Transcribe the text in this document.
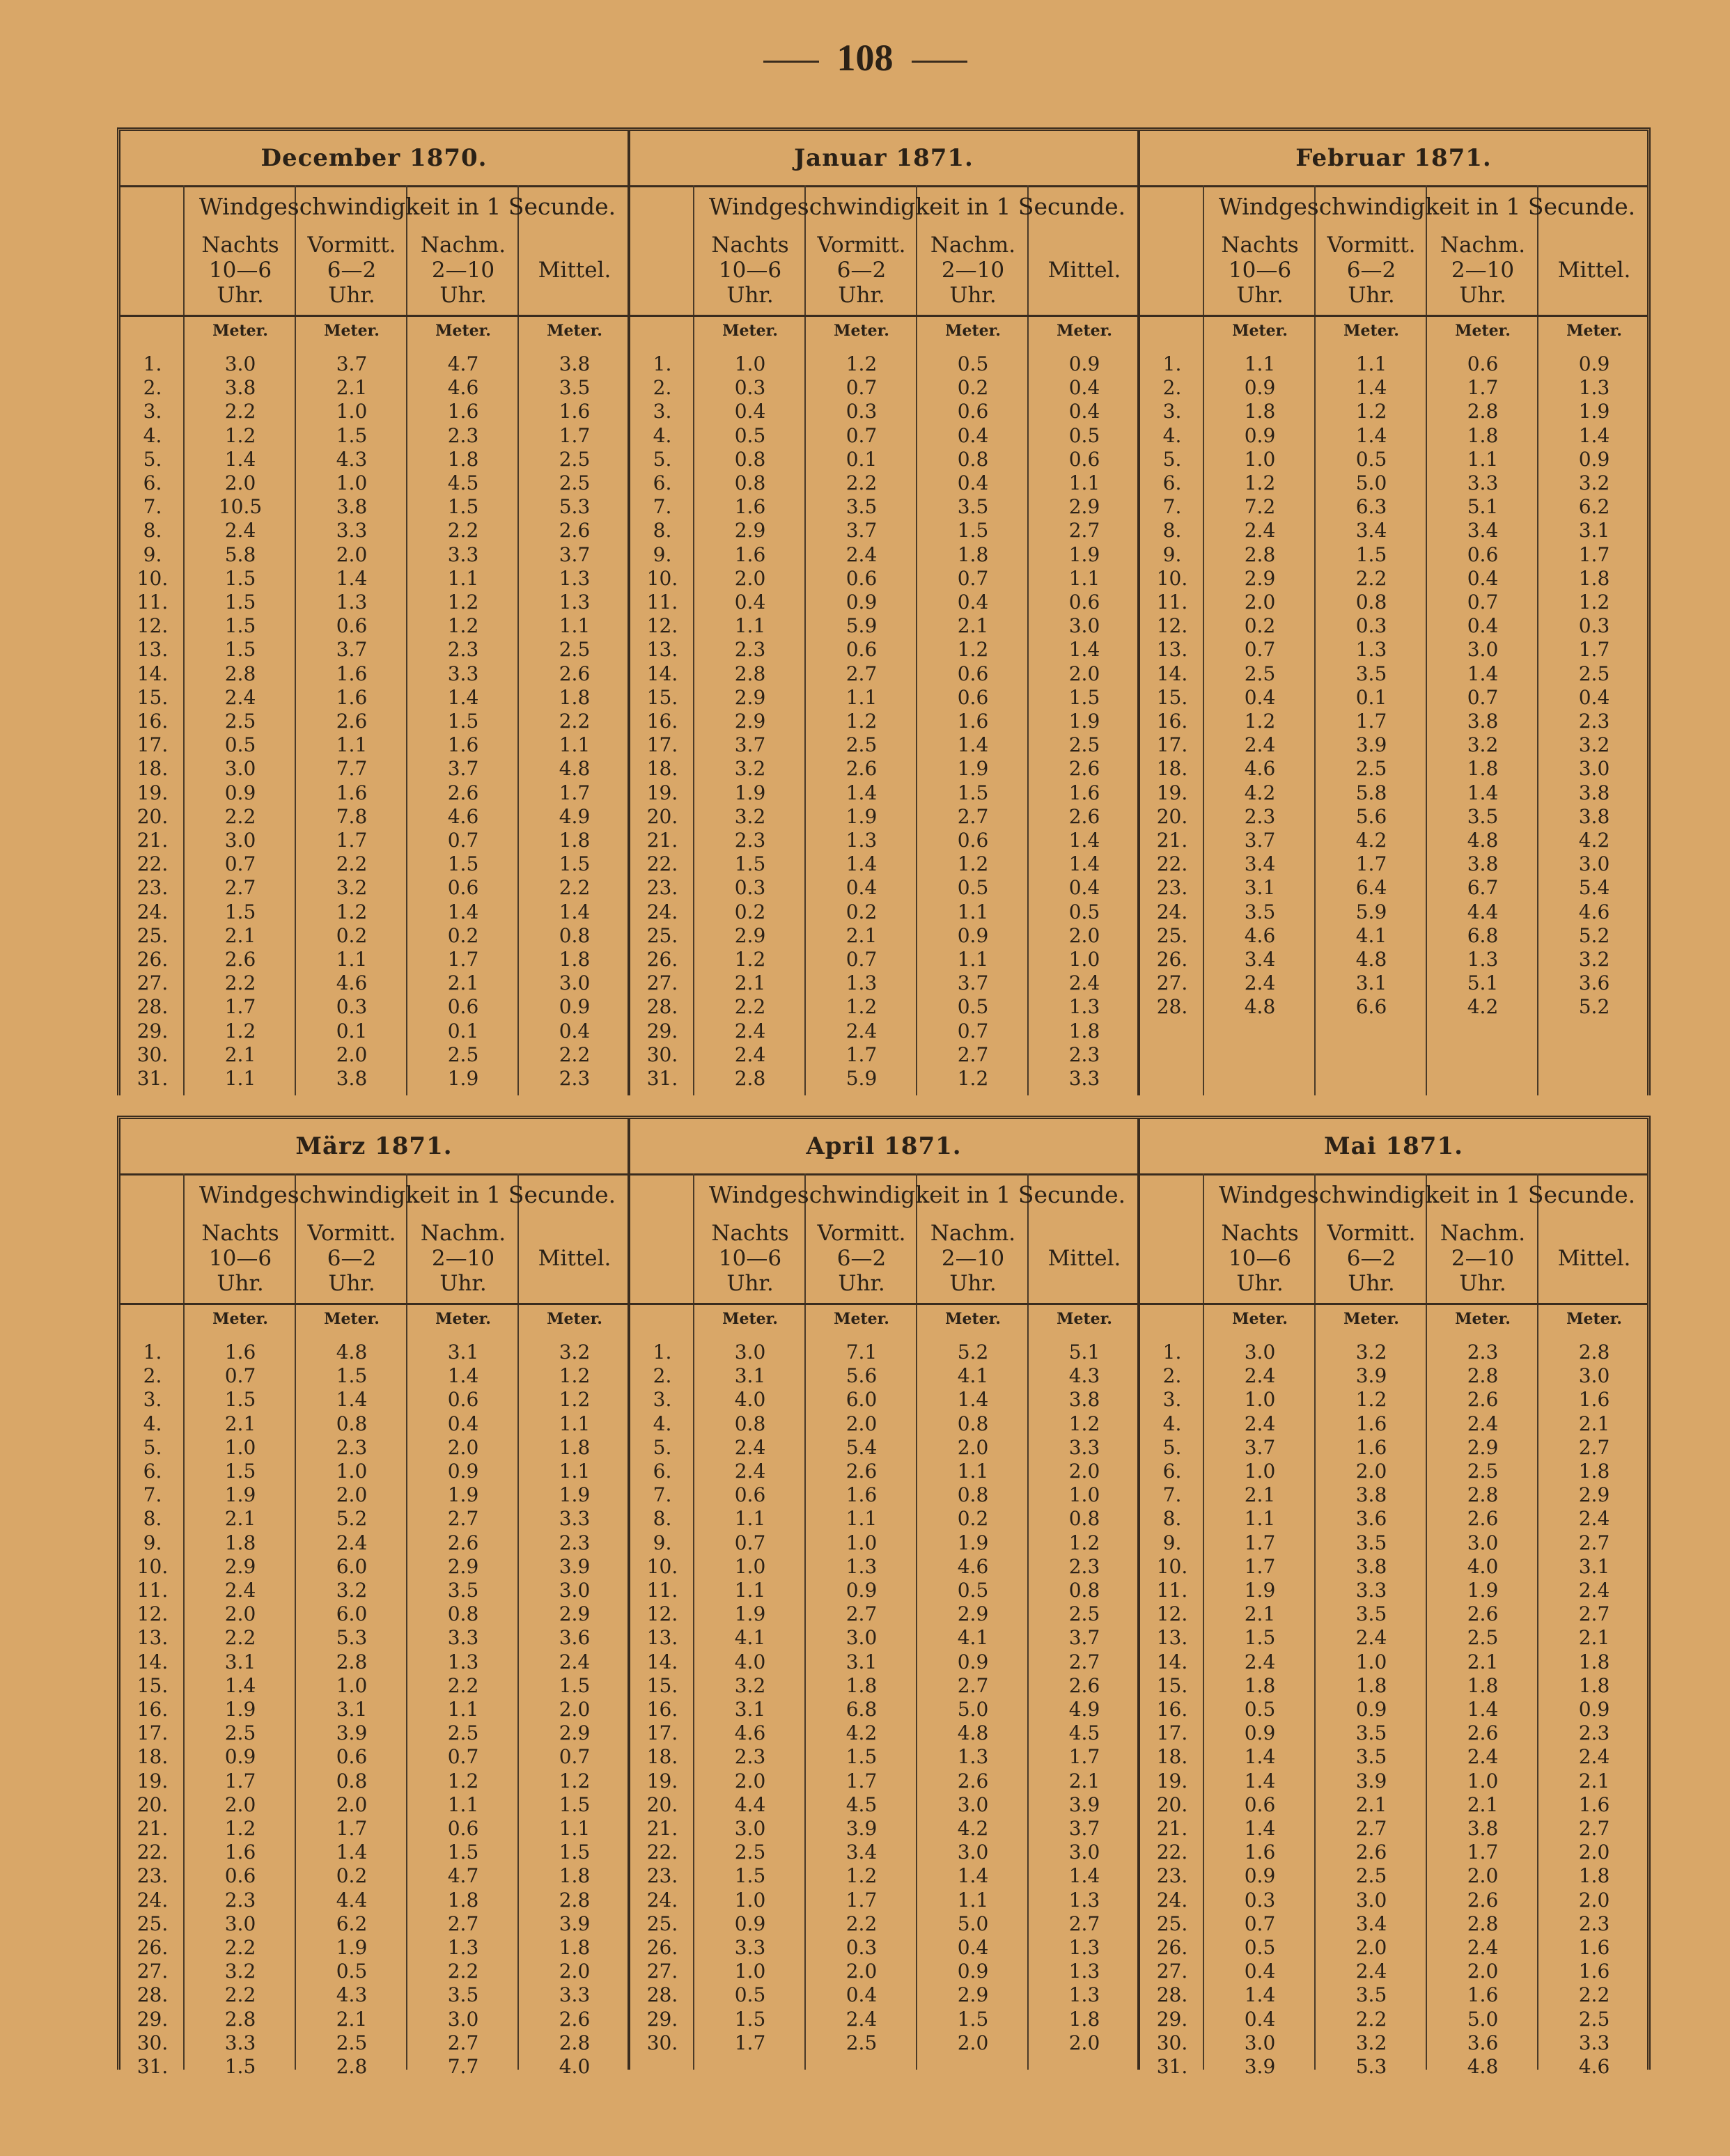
108
December 1870.
Windgeschwindigkeit in 1 Secunde.
Nachts
10—6
Uhr.
Meter.
Vormitt.
6—2
Uhr.
Meter.
Nachm.
2—10
Uhr.
Meter.
Mittel.
Meter.
1.	3.0	3.7	4.7	3.8
2.	3.8	2.1	4.6	3.5
3.	2.2	1.0	1.6	1.6
4.	1.2	1.5	2.3	1.7
5.	1.4	4.3	1.8	2.5
6.	2.0	1.0	4.5	2.5
7.	10.5	3.8	1.5	5.3
8.	2.4	3.3	2.2	2.6
9.	5.8	2.0	3.3	3.7
10.	1.5	1.4	1.1	1.3
11.	1.5	1.3	1.2	1.3
12.	1.5	0.6	1.2	1.1
13.	1.5	3.7	2.3	2.5
14.	2.8	1.6	3.3	2.6
15.	2.4	1.6	1.4	1.8
16.	2.5	2.6	1.5	2.2
17.	0.5	1.1	1.6	1.1
18.	3.0	7.7	3.7	4.8
19.	0.9	1.6	2.6	1.7
20.	2.2	7.8	4.6	4.9
21.	3.0	1.7	0.7	1.8
22.	0.7	2.2	1.5	1.5
23.	2.7	3.2	0.6	2.2
24.	1.5	1.2	1.4	1.4
25.	2.1	0.2	0.2	0.8
26.	2.6	1.1	1.7	1.8
27.	2.2	4.6	2.1	3.0
28.	1.7	0.3	0.6	0.9
29.	1.2	0.1	0.1	0.4
30.	2.1	2.0	2.5	2.2
31.	1.1	3.8	1.9	2.3
Januar 1871.
Windgeschwindigkeit in 1 Secunde.
Nachts
10—6
Uhr.
Meter.
Vormitt.
6—2
Uhr.
Meter.
Nachm.
2—10
Uhr.
Meter.
Mittel.
Meter.
1.	1.0	1.2	0.5	0.9
2.	0.3	0.7	0.2	0.4
3.	0.4	0.3	0.6	0.4
4.	0.5	0.7	0.4	0.5
5.	0.8	0.1	0.8	0.6
6.	0.8	2.2	0.4	1.1
7.	1.6	3.5	3.5	2.9
8.	2.9	3.7	1.5	2.7
9.	1.6	2.4	1.8	1.9
10.	2.0	0.6	0.7	1.1
11.	0.4	0.9	0.4	0.6
12.	1.1	5.9	2.1	3.0
13.	2.3	0.6	1.2	1.4
14.	2.8	2.7	0.6	2.0
15.	2.9	1.1	0.6	1.5
16.	2.9	1.2	1.6	1.9
17.	3.7	2.5	1.4	2.5
18.	3.2	2.6	1.9	2.6
19.	1.9	1.4	1.5	1.6
20.	3.2	1.9	2.7	2.6
21.	2.3	1.3	0.6	1.4
22.	1.5	1.4	1.2	1.4
23.	0.3	0.4	0.5	0.4
24.	0.2	0.2	1.1	0.5
25.	2.9	2.1	0.9	2.0
26.	1.2	0.7	1.1	1.0
27.	2.1	1.3	3.7	2.4
28.	2.2	1.2	0.5	1.3
29.	2.4	2.4	0.7	1.8
30.	2.4	1.7	2.7	2.3
31.	2.8	5.9	1.2	3.3
Februar 1871.
Windgeschwindigkeit in 1 Secunde.
Nachts
10—6
Uhr.
Meter.
Vormitt.
6—2
Uhr.
Meter.
Nachm.
2—10
Uhr.
Meter.
Mittel.
Meter.
1.	1.1	1.1	0.6	0.9
2.	0.9	1.4	1.7	1.3
3.	1.8	1.2	2.8	1.9
4.	0.9	1.4	1.8	1.4
5.	1.0	0.5	1.1	0.9
6.	1.2	5.0	3.3	3.2
7.	7.2	6.3	5.1	6.2
8.	2.4	3.4	3.4	3.1
9.	2.8	1.5	0.6	1.7
10.	2.9	2.2	0.4	1.8
11.	2.0	0.8	0.7	1.2
12.	0.2	0.3	0.4	0.3
13.	0.7	1.3	3.0	1.7
14.	2.5	3.5	1.4	2.5
15.	0.4	0.1	0.7	0.4
16.	1.2	1.7	3.8	2.3
17.	2.4	3.9	3.2	3.2
18.	4.6	2.5	1.8	3.0
19.	4.2	5.8	1.4	3.8
20.	2.3	5.6	3.5	3.8
21.	3.7	4.2	4.8	4.2
22.	3.4	1.7	3.8	3.0
23.	3.1	6.4	6.7	5.4
24.	3.5	5.9	4.4	4.6
25.	4.6	4.1	6.8	5.2
26.	3.4	4.8	1.3	3.2
27.	2.4	3.1	5.1	3.6
28.	4.8	6.6	4.2	5.2
März 1871.
Windgeschwindigkeit in 1 Secunde.
Nachts
10—6
Uhr.
Meter.
Vormitt.
6—2
Uhr.
Meter.
Nachm.
2—10
Uhr.
Meter.
Mittel.
Meter.
1.	1.6	4.8	3.1	3.2
2.	0.7	1.5	1.4	1.2
3.	1.5	1.4	0.6	1.2
4.	2.1	0.8	0.4	1.1
5.	1.0	2.3	2.0	1.8
6.	1.5	1.0	0.9	1.1
7.	1.9	2.0	1.9	1.9
8.	2.1	5.2	2.7	3.3
9.	1.8	2.4	2.6	2.3
10.	2.9	6.0	2.9	3.9
11.	2.4	3.2	3.5	3.0
12.	2.0	6.0	0.8	2.9
13.	2.2	5.3	3.3	3.6
14.	3.1	2.8	1.3	2.4
15.	1.4	1.0	2.2	1.5
16.	1.9	3.1	1.1	2.0
17.	2.5	3.9	2.5	2.9
18.	0.9	0.6	0.7	0.7
19.	1.7	0.8	1.2	1.2
20.	2.0	2.0	1.1	1.5
21.	1.2	1.7	0.6	1.1
22.	1.6	1.4	1.5	1.5
23.	0.6	0.2	4.7	1.8
24.	2.3	4.4	1.8	2.8
25.	3.0	6.2	2.7	3.9
26.	2.2	1.9	1.3	1.8
27.	3.2	0.5	2.2	2.0
28.	2.2	4.3	3.5	3.3
29.	2.8	2.1	3.0	2.6
30.	3.3	2.5	2.7	2.8
31.	1.5	2.8	7.7	4.0
April 1871.
Windgeschwindigkeit in 1 Secunde.
Nachts
10—6
Uhr.
Meter.
Vormitt.
6—2
Uhr.
Meter.
Nachm.
2—10
Uhr.
Meter.
Mittel.
Meter.
1.	3.0	7.1	5.2	5.1
2.	3.1	5.6	4.1	4.3
3.	4.0	6.0	1.4	3.8
4.	0.8	2.0	0.8	1.2
5.	2.4	5.4	2.0	3.3
6.	2.4	2.6	1.1	2.0
7.	0.6	1.6	0.8	1.0
8.	1.1	1.1	0.2	0.8
9.	0.7	1.0	1.9	1.2
10.	1.0	1.3	4.6	2.3
11.	1.1	0.9	0.5	0.8
12.	1.9	2.7	2.9	2.5
13.	4.1	3.0	4.1	3.7
14.	4.0	3.1	0.9	2.7
15.	3.2	1.8	2.7	2.6
16.	3.1	6.8	5.0	4.9
17.	4.6	4.2	4.8	4.5
18.	2.3	1.5	1.3	1.7
19.	2.0	1.7	2.6	2.1
20.	4.4	4.5	3.0	3.9
21.	3.0	3.9	4.2	3.7
22.	2.5	3.4	3.0	3.0
23.	1.5	1.2	1.4	1.4
24.	1.0	1.7	1.1	1.3
25.	0.9	2.2	5.0	2.7
26.	3.3	0.3	0.4	1.3
27.	1.0	2.0	0.9	1.3
28.	0.5	0.4	2.9	1.3
29.	1.5	2.4	1.5	1.8
30.	1.7	2.5	2.0	2.0
Mai 1871.
Windgeschwindigkeit in 1 Secunde.
Nachts
10—6
Uhr.
Meter.
Vormitt.
6—2
Uhr.
Meter.
Nachm.
2—10
Uhr.
Meter.
Mittel.
Meter.
1.	3.0	3.2	2.3	2.8
2.	2.4	3.9	2.8	3.0
3.	1.0	1.2	2.6	1.6
4.	2.4	1.6	2.4	2.1
5.	3.7	1.6	2.9	2.7
6.	1.0	2.0	2.5	1.8
7.	2.1	3.8	2.8	2.9
8.	1.1	3.6	2.6	2.4
9.	1.7	3.5	3.0	2.7
10.	1.7	3.8	4.0	3.1
11.	1.9	3.3	1.9	2.4
12.	2.1	3.5	2.6	2.7
13.	1.5	2.4	2.5	2.1
14.	2.4	1.0	2.1	1.8
15.	1.8	1.8	1.8	1.8
16.	0.5	0.9	1.4	0.9
17.	0.9	3.5	2.6	2.3
18.	1.4	3.5	2.4	2.4
19.	1.4	3.9	1.0	2.1
20.	0.6	2.1	2.1	1.6
21.	1.4	2.7	3.8	2.7
22.	1.6	2.6	1.7	2.0
23.	0.9	2.5	2.0	1.8
24.	0.3	3.0	2.6	2.0
25.	0.7	3.4	2.8	2.3
26.	0.5	2.0	2.4	1.6
27.	0.4	2.4	2.0	1.6
28.	1.4	3.5	1.6	2.2
29.	0.4	2.2	5.0	2.5
30.	3.0	3.2	3.6	3.3
31.	3.9	5.3	4.8	4.6
